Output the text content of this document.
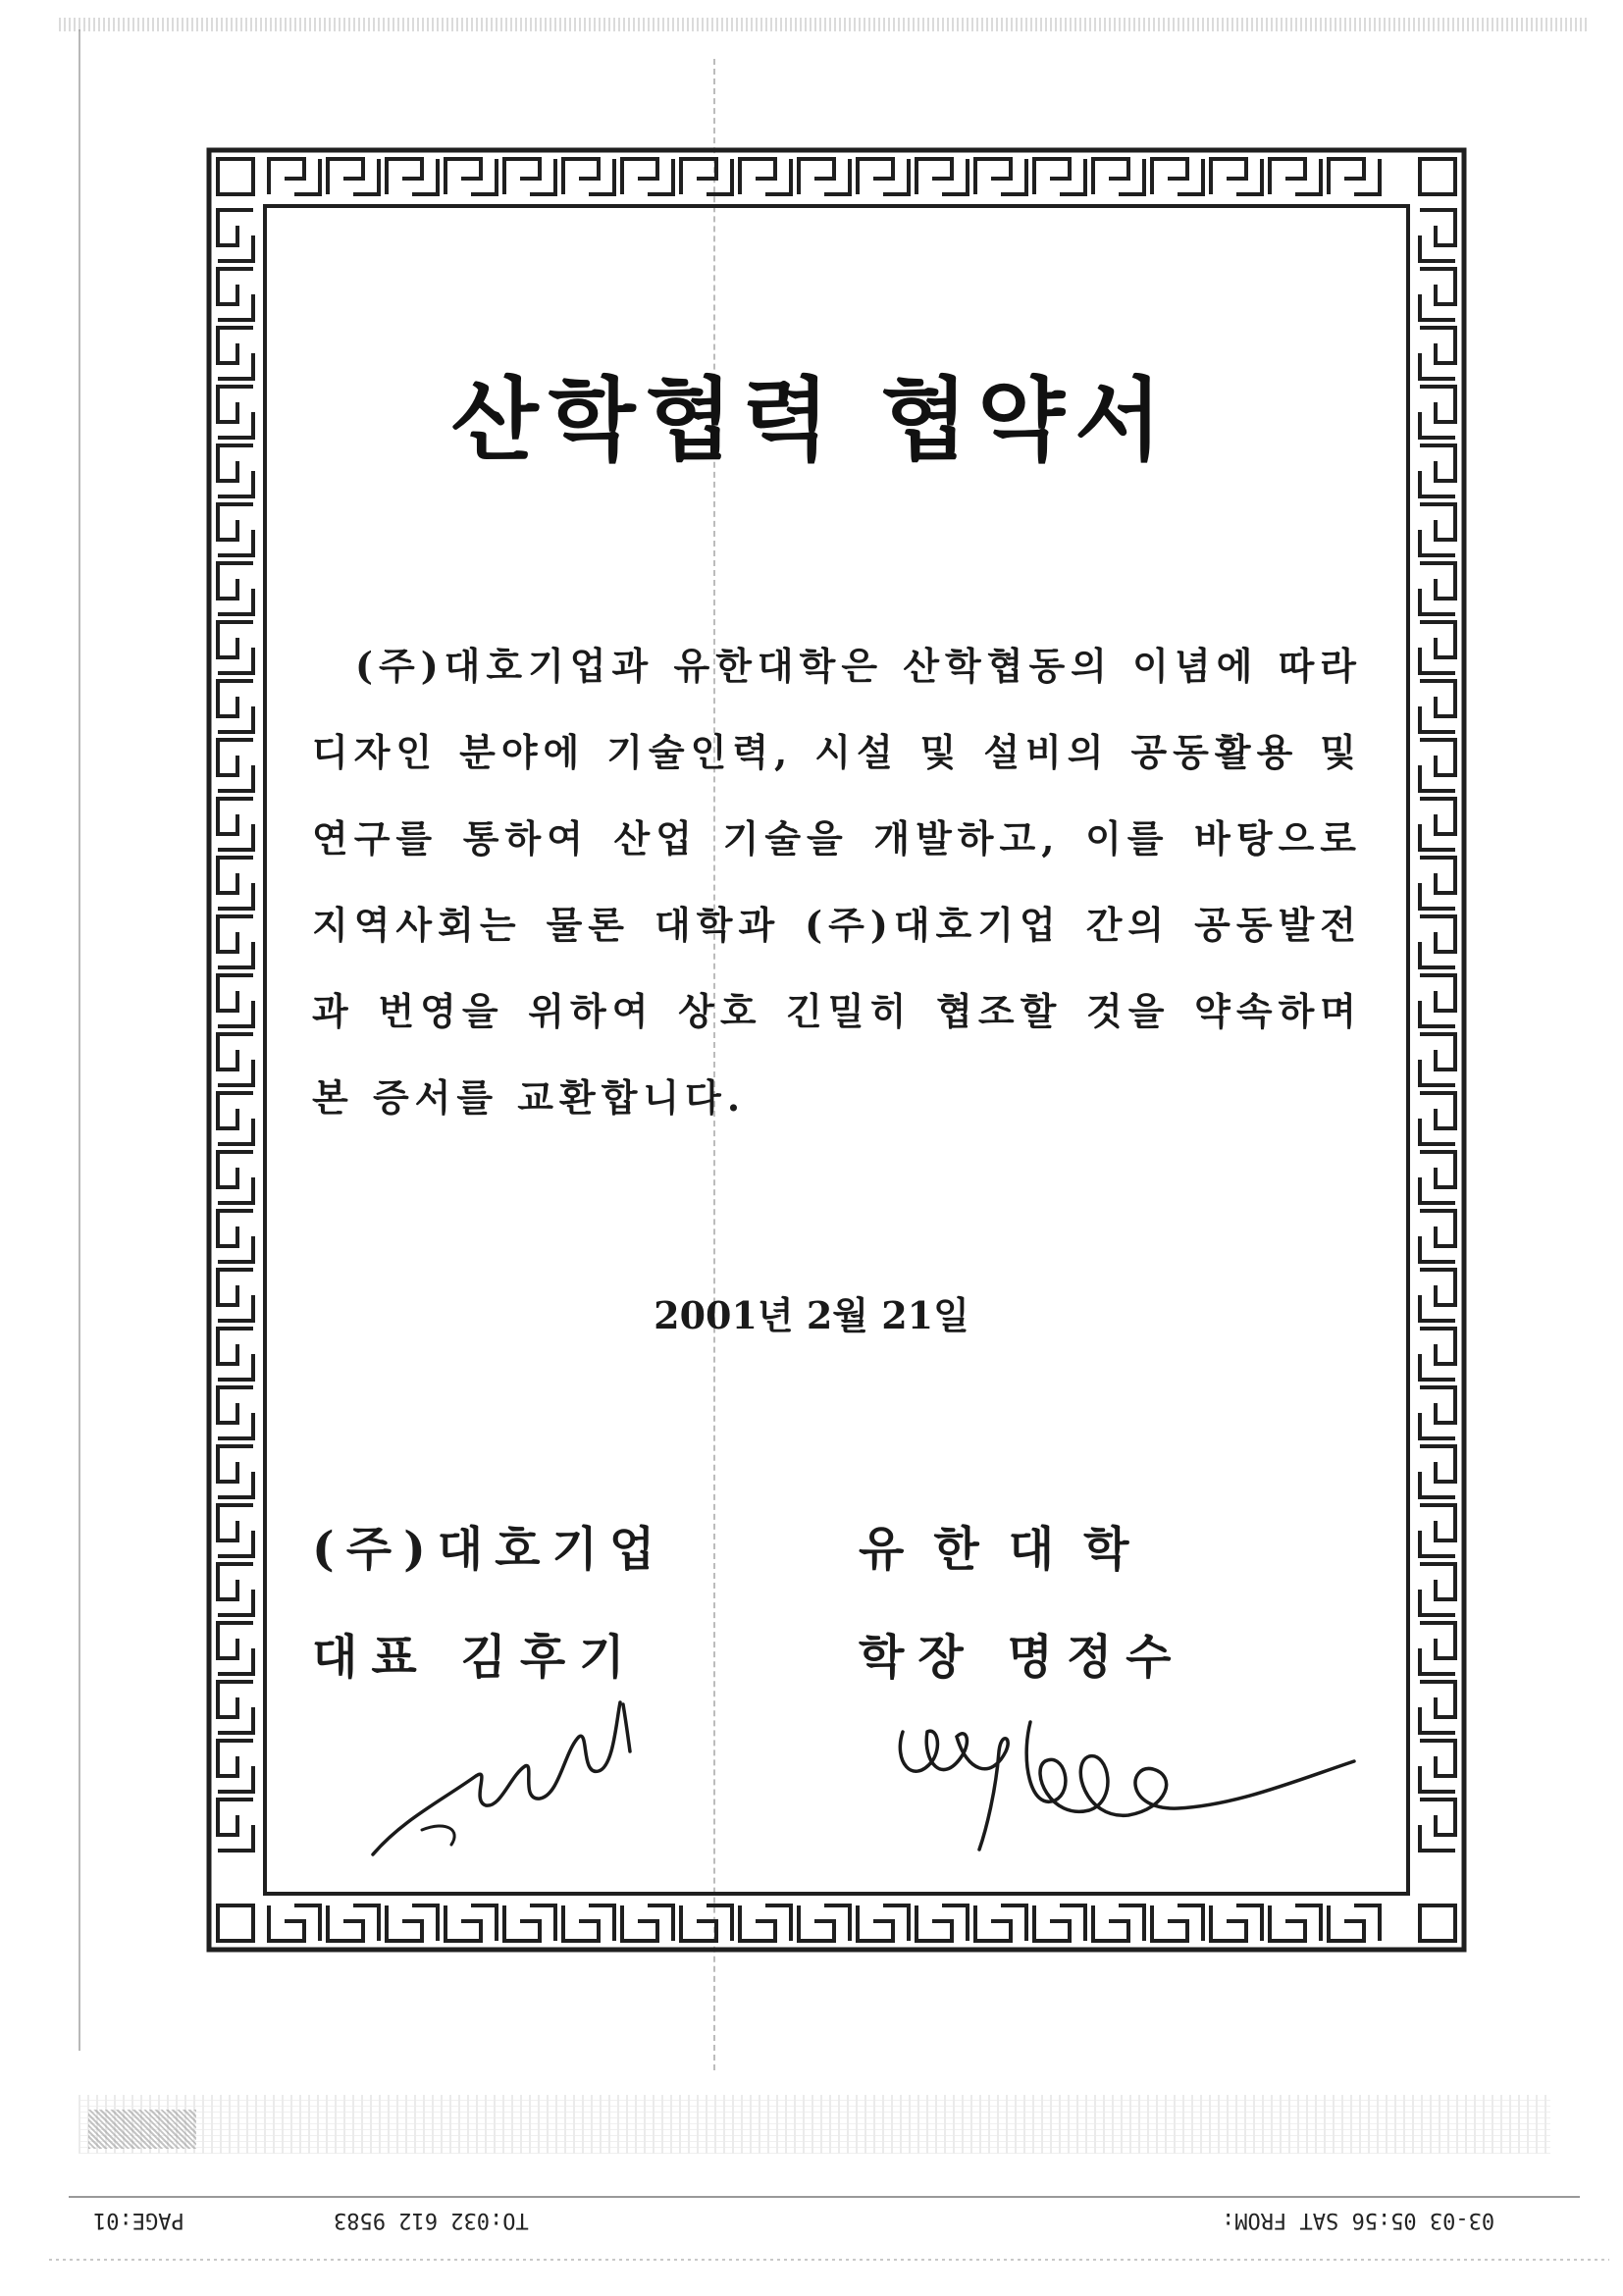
산학협력 협약서
(주)대호기업과 유한대학은 산학협동의 이념에 따라 디자인 분야에 기술인력, 시설 및 설비의 공동활용 및 연구를 통하여 산업 기술을 개발하고, 이를 바탕으로 지역사회는 물론 대학과 (주)대호기업 간의 공동발전과 번영을 위하여 상호 긴밀히 협조할 것을 약속하며 본 증서를 교환합니다.
2001년 2월 21일
(주)대호기업
대표 김후기
유한대학
학장 명정수
PAGE:01	TO:032 612 9583	03-03 05:56 SAT FROM:
